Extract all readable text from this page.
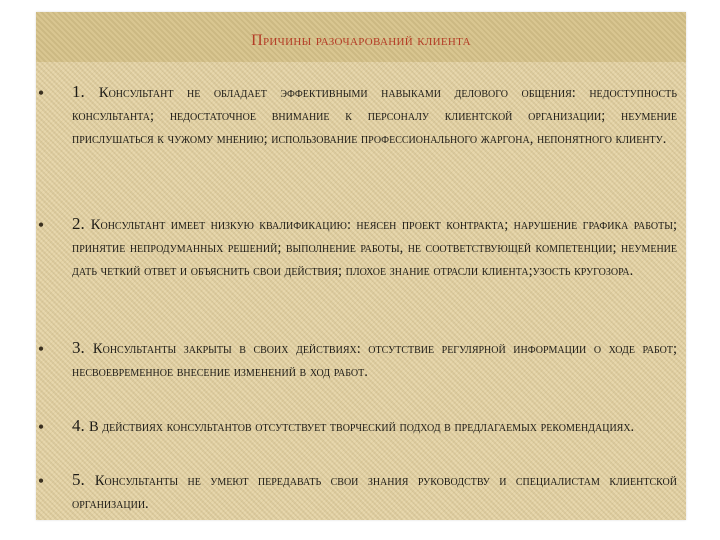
Причины разочарований клиента
• 1. Консультант не обладает эффективными навыками делового общения: недоступность консультанта; недостаточное внимание к персоналу клиентской организации; неумение прислушаться к чужому мнению; использование профессионального жаргона, непонятного клиенту.
• 2. Консультант имеет низкую квалификацию: неясен проект контракта; нарушение графика работы; принятие непродуманных решений; выполнение работы, не соответствующей компетенции; неумение дать четкий ответ и объяснить свои действия; плохое знание отрасли клиента;узость кругозора.
• 3. Консультанты закрыты в своих действиях: отсутствие регулярной информации о ходе работ; несвоевременное внесение изменений в ход работ.
• 4. В действиях консультантов отсутствует творческий подход в предлагаемых рекомендациях.
• 5. Консультанты не умеют передавать свои знания руководству и специалистам клиентской организации.
